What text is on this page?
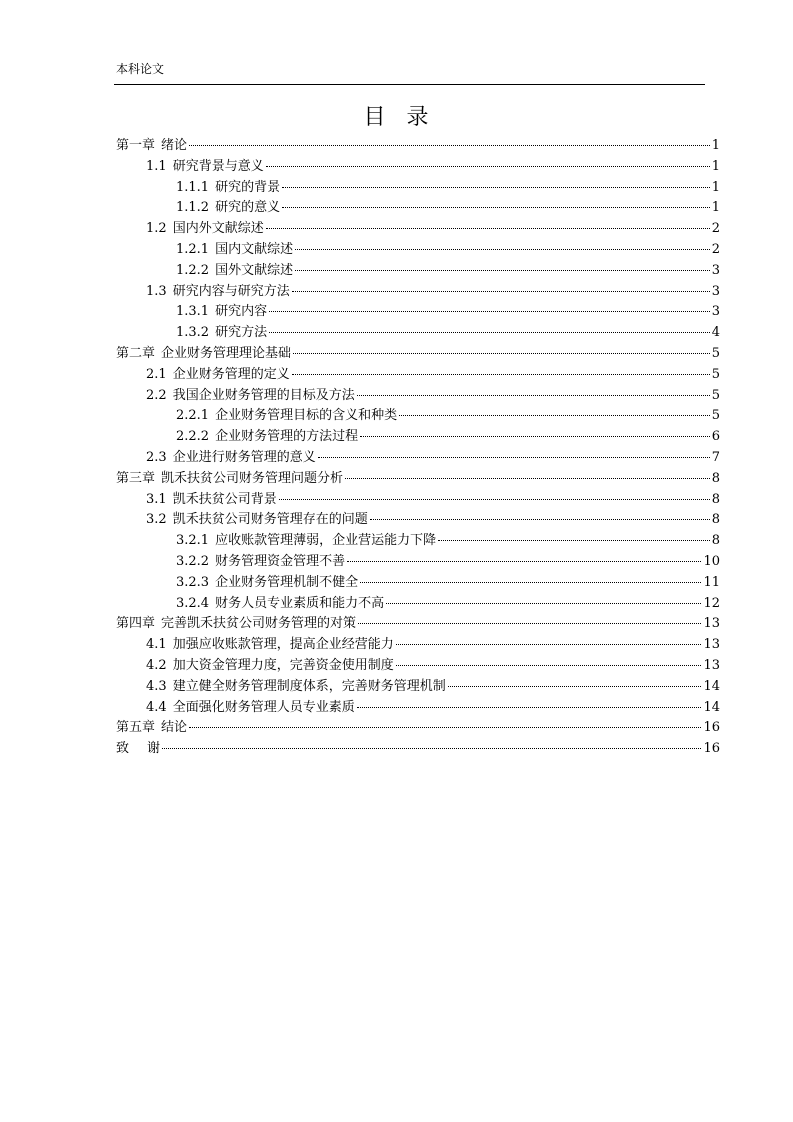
本科论文
目 录
第一章 绪论	1
1.1 研究背景与意义	1
1.1.1 研究的背景	1
1.1.2 研究的意义	1
1.2 国内外文献综述	2
1.2.1 国内文献综述	2
1.2.2 国外文献综述	3
1.3 研究内容与研究方法	3
1.3.1 研究内容	3
1.3.2 研究方法	4
第二章 企业财务管理理论基础	5
2.1 企业财务管理的定义	5
2.2 我国企业财务管理的目标及方法	5
2.2.1 企业财务管理目标的含义和种类	5
2.2.2 企业财务管理的方法过程	6
2.3 企业进行财务管理的意义	7
第三章 凯禾扶贫公司财务管理问题分析	8
3.1 凯禾扶贫公司背景	8
3.2 凯禾扶贫公司财务管理存在的问题	8
3.2.1 应收账款管理薄弱，企业营运能力下降	8
3.2.2 财务管理资金管理不善	10
3.2.3 企业财务管理机制不健全	11
3.2.4 财务人员专业素质和能力不高	12
第四章 完善凯禾扶贫公司财务管理的对策	13
4.1 加强应收账款管理，提高企业经营能力	13
4.2 加大资金管理力度，完善资金使用制度	13
4.3 建立健全财务管理制度体系，完善财务管理机制	14
4.4 全面强化财务管理人员专业素质	14
第五章 结论	16
致 谢	16
